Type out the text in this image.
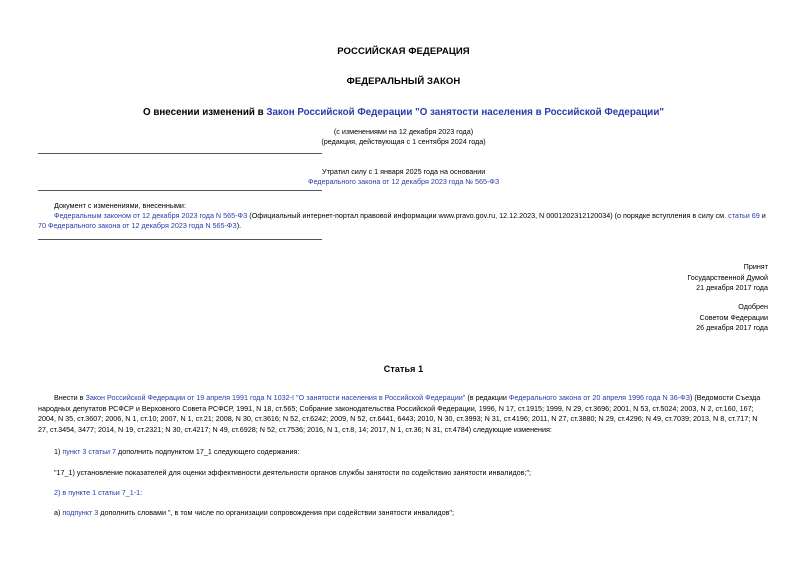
РОССИЙСКАЯ ФЕДЕРАЦИЯ
ФЕДЕРАЛЬНЫЙ ЗАКОН
О внесении изменений в Закон Российской Федерации "О занятости населения в Российской Федерации"
(с изменениями на 12 декабря 2023 года)
(редакция, действующая с 1 сентября 2024 года)
Утратил силу с 1 января 2025 года на основании
Федерального закона от 12 декабря 2023 года № 565-ФЗ
Документ с изменениями, внесенными:
Федеральным законом от 12 декабря 2023 года N 565-ФЗ (Официальный интернет-портал правовой информации www.pravo.gov.ru, 12.12.2023, N 0001202312120034) (о порядке вступления в силу см. статьи 69 и 70 Федерального закона от 12 декабря 2023 года N 565-ФЗ).
Принят
Государственной Думой
21 декабря 2017 года
Одобрен
Советом Федерации
26 декабря 2017 года
Статья 1
Внести в Закон Российской Федерации от 19 апреля 1991 года N 1032-I "О занятости населения в Российской Федерации" (в редакции Федерального закона от 20 апреля 1996 года N 36-ФЗ) (Ведомости Съезда народных депутатов РСФСР и Верховного Совета РСФСР, 1991, N 18, ст.565; Собрание законодательства Российской Федерации, 1996, N 17, ст.1915; 1999, N 29, ст.3696; 2001, N 53, ст.5024; 2003, N 2, ст.160, 167; 2004, N 35, ст.3607; 2006, N 1, ст.10; 2007, N 1, ст.21; 2008, N 30, ст.3616; N 52, ст.6242; 2009, N 52, ст.6441, 6443; 2010, N 30, ст.3993; N 31, ст.4196; 2011, N 27, ст.3880; N 29, ст.4296; N 49, ст.7039; 2013, N 8, ст.717; N 27, ст.3454, 3477; 2014, N 19, ст.2321; N 30, ст.4217; N 49, ст.6928; N 52, ст.7536; 2016, N 1, ст.8, 14; 2017, N 1, ст.36; N 31, ст.4784) следующие изменения:
1) пункт 3 статьи 7 дополнить подпунктом 17_1 следующего содержания:
"17_1) установление показателей для оценки эффективности деятельности органов службы занятости по содействию занятости инвалидов;";
2) в пункте 1 статьи 7_1-1:
а) подпункт 3 дополнить словами ", в том числе по организации сопровождения при содействии занятости инвалидов";
